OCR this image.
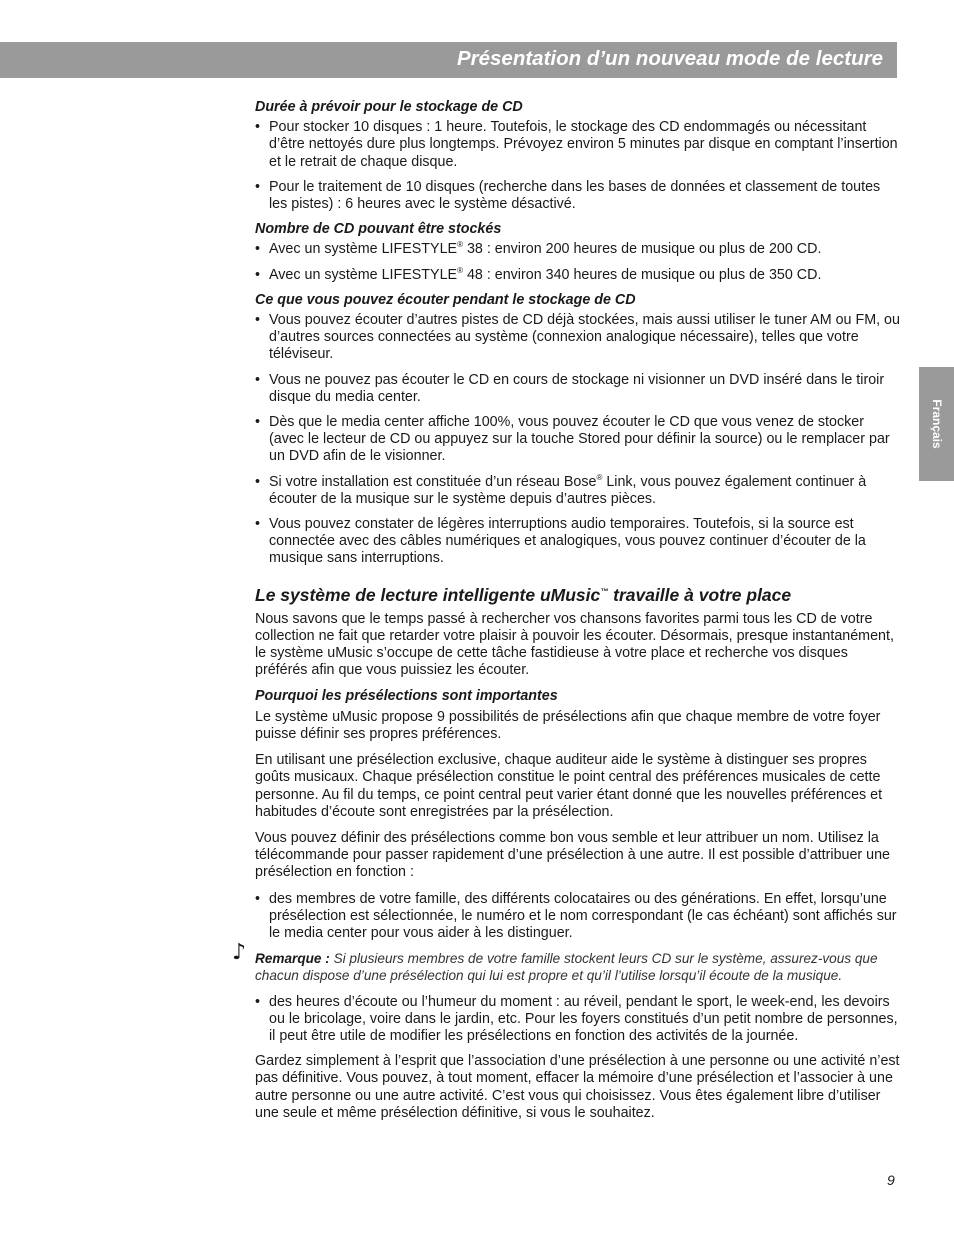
Présentation d’un nouveau mode de lecture
Français
Durée à prévoir pour le stockage de CD
• Pour stocker 10 disques : 1 heure. Toutefois, le stockage des CD endommagés ou nécessitant d’être nettoyés dure plus longtemps. Prévoyez environ 5 minutes par disque en comptant l’insertion et le retrait de chaque disque.
• Pour le traitement de 10 disques (recherche dans les bases de données et classement de toutes les pistes) : 6 heures avec le système désactivé.
Nombre de CD pouvant être stockés
• Avec un système LIFESTYLE® 38 : environ 200 heures de musique ou plus de 200 CD.
• Avec un système LIFESTYLE® 48 : environ 340 heures de musique ou plus de 350 CD.
Ce que vous pouvez écouter pendant le stockage de CD
• Vous pouvez écouter d’autres pistes de CD déjà stockées, mais aussi utiliser le tuner AM ou FM, ou d’autres sources connectées au système (connexion analogique nécessaire), telles que votre téléviseur.
• Vous ne pouvez pas écouter le CD en cours de stockage ni visionner un DVD inséré dans le tiroir disque du media center.
• Dès que le media center affiche 100%, vous pouvez écouter le CD que vous venez de stocker (avec le lecteur de CD ou appuyez sur la touche Stored pour définir la source) ou le remplacer par un DVD afin de le visionner.
• Si votre installation est constituée d’un réseau Bose® Link, vous pouvez également continuer à écouter de la musique sur le système depuis d’autres pièces.
• Vous pouvez constater de légères interruptions audio temporaires. Toutefois, si la source est connectée avec des câbles numériques et analogiques, vous pouvez continuer d’écouter de la musique sans interruptions.
Le système de lecture intelligente uMusic™ travaille à votre place

Nous savons que le temps passé à rechercher vos chansons favorites parmi tous les CD de votre collection ne fait que retarder votre plaisir à pouvoir les écouter. Désormais, presque instantanément, le système uMusic s’occupe de cette tâche fastidieuse à votre place et recherche vos disques préférés afin que vous puissiez les écouter.

Pourquoi les présélections sont importantes

Le système uMusic propose 9 possibilités de présélections afin que chaque membre de votre foyer puisse définir ses propres préférences.

En utilisant une présélection exclusive, chaque auditeur aide le système à distinguer ses propres goûts musicaux. Chaque présélection constitue le point central des préférences musicales de cette personne. Au fil du temps, ce point central peut varier étant donné que les nouvelles préférences et habitudes d’écoute sont enregistrées par la présélection.

Vous pouvez définir des présélections comme bon vous semble et leur attribuer un nom. Utilisez la télécommande pour passer rapidement d’une présélection à une autre. Il est possible d’attribuer une présélection en fonction :

• des membres de votre famille, des différents colocataires ou des générations. En effet, lorsqu’une présélection est sélectionnée, le numéro et le nom correspondant (le cas échéant) sont affichés sur le media center pour vous aider à les distinguer.
♪ Remarque : Si plusieurs membres de votre famille stockent leurs CD sur le système, assurez-vous que chacun dispose d’une présélection qui lui est propre et qu’il l’utilise lorsqu’il écoute de la musique.
• des heures d’écoute ou l’humeur du moment : au réveil, pendant le sport, le week-end, les devoirs ou le bricolage, voire dans le jardin, etc. Pour les foyers constitués d’un petit nombre de personnes, il peut être utile de modifier les présélections en fonction des activités de la journée.

Gardez simplement à l’esprit que l’association d’une présélection à une personne ou une activité n’est pas définitive. Vous pouvez, à tout moment, effacer la mémoire d’une présélection et l’associer à une autre personne ou une autre activité. C’est vous qui choisissez. Vous êtes également libre d’utiliser une seule et même présélection définitive, si vous le souhaitez.

9
